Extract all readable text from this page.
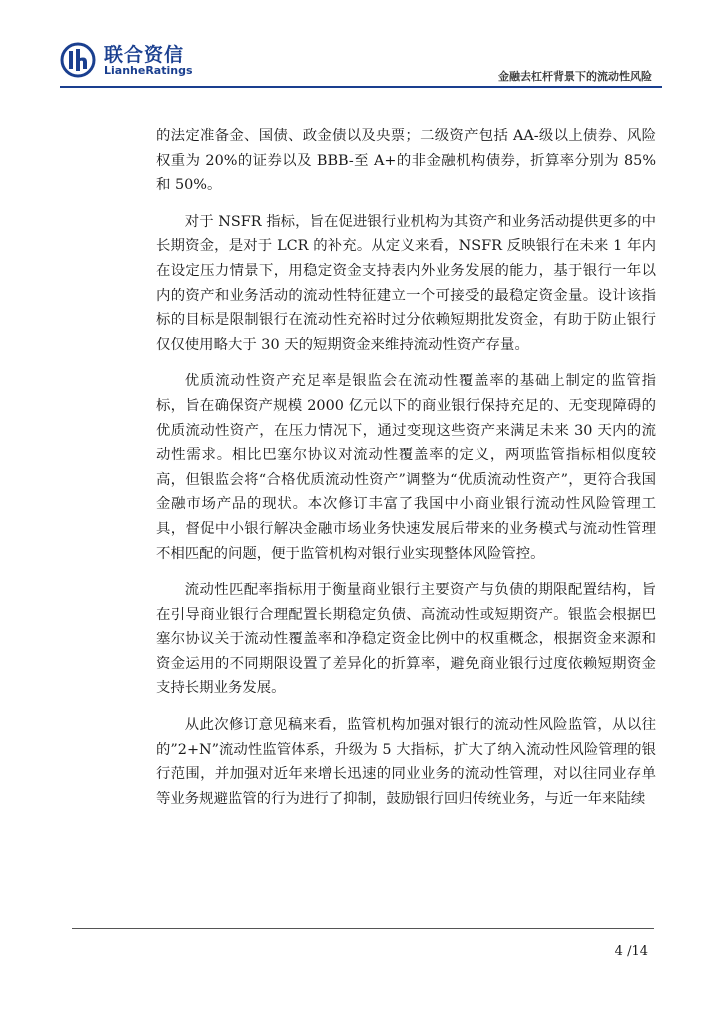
联合资信
LianheRatings	金融去杠杆背景下的流动性风险

的法定准备金、国债、政金债以及央票；二级资产包括 AA-级以上债券、风险权重为 20%的证券以及 BBB-至 A+的非金融机构债券，折算率分别为 85%和 50%。

对于 NSFR 指标，旨在促进银行业机构为其资产和业务活动提供更多的中长期资金，是对于 LCR 的补充。从定义来看，NSFR 反映银行在未来 1 年内在设定压力情景下，用稳定资金支持表内外业务发展的能力，基于银行一年以内的资产和业务活动的流动性特征建立一个可接受的最稳定资金量。设计该指标的目标是限制银行在流动性充裕时过分依赖短期批发资金，有助于防止银行仅仅使用略大于 30 天的短期资金来维持流动性资产存量。

优质流动性资产充足率是银监会在流动性覆盖率的基础上制定的监管指标，旨在确保资产规模 2000 亿元以下的商业银行保持充足的、无变现障碍的优质流动性资产，在压力情况下，通过变现这些资产来满足未来 30 天内的流动性需求。相比巴塞尔协议对流动性覆盖率的定义，两项监管指标相似度较高，但银监会将“合格优质流动性资产”调整为“优质流动性资产”，更符合我国金融市场产品的现状。本次修订丰富了我国中小商业银行流动性风险管理工具，督促中小银行解决金融市场业务快速发展后带来的业务模式与流动性管理不相匹配的问题，便于监管机构对银行业实现整体风险管控。

流动性匹配率指标用于衡量商业银行主要资产与负债的期限配置结构，旨在引导商业银行合理配置长期稳定负债、高流动性或短期资产。银监会根据巴塞尔协议关于流动性覆盖率和净稳定资金比例中的权重概念，根据资金来源和资金运用的不同期限设置了差异化的折算率，避免商业银行过度依赖短期资金支持长期业务发展。

从此次修订意见稿来看，监管机构加强对银行的流动性风险监管，从以往的”2+N”流动性监管体系，升级为 5 大指标，扩大了纳入流动性风险管理的银行范围，并加强对近年来增长迅速的同业业务的流动性管理，对以往同业存单等业务规避监管的行为进行了抑制，鼓励银行回归传统业务，与近一年来陆续

4 /14
